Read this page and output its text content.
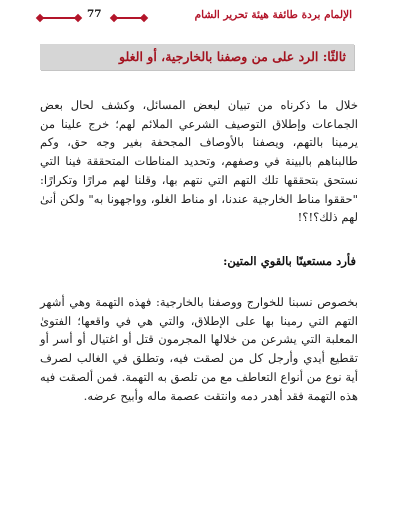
77	الإلمام بردة طائفة هيئة تحرير الشام
ثالثًا: الرد على من وصفنا بالخارجية، أو الغلو

خلال ما ذكرناه من تبيان لبعض المسائل، وكشف لحال بعض الجماعات وإطلاق التوصيف الشرعي الملائم لهم؛ خرج علينا من يرمينا بالتهم، ويصفنا بالأوصاف المجحفة بغير وجه حق، وكم طالبناهم بالبينة في وصفهم، وتحديد المناطات المتحققة فينا التي نستحق بتحققها تلك التهم التي نتهم بها، وقلنا لهم مرارًا وتكرارًا: "حققوا مناط الخارجية عندنا، او مناط الغلو، وواجهونا به" ولكن أنىٰ لهم ذلك؟!؟!

فأرد مستعينًا بالقوي المتين:

بخصوص نسبنا للخوارج ووصفنا بالخارجية: فهذه التهمة وهي أشهر التهم التي رمينا بها على الإطلاق، والتي هي في واقعها؛ الفتوىٰ المعلبة التي يشرعن من خلالها المجرمون قتل أو اغتيال أو أسر أو تقطيع أيدي وأرجل كل من لصقت فيه، وتطلق في الغالب لصرف أية نوع من أنواع التعاطف مع من تلصق به التهمة. فمن ألصقت فيه هذه التهمة فقد أهدر دمه وانتقت عصمة ماله وأبيح عرضه.
